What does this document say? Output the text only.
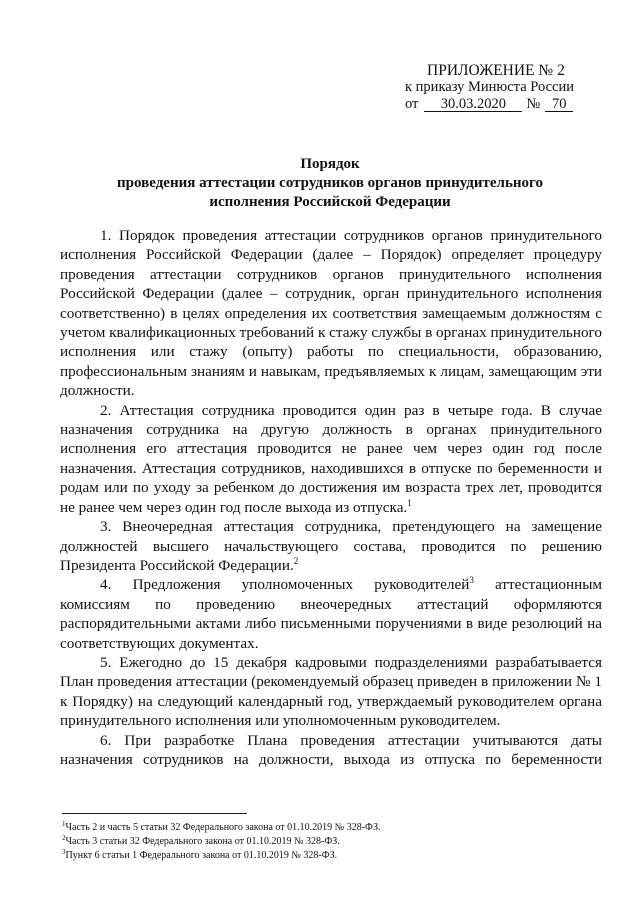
ПРИЛОЖЕНИЕ № 2
к приказу Минюста России
от	30.03.2020	№ 70
Порядок
проведения аттестации сотрудников органов принудительного
исполнения Российской Федерации

1. Порядок проведения аттестации сотрудников органов принудительного исполнения Российской Федерации (далее – Порядок) определяет процедуру проведения аттестации сотрудников органов принудительного исполнения Российской Федерации (далее – сотрудник, орган принудительного исполнения соответственно) в целях определения их соответствия замещаемым должностям с учетом квалификационных требований к стажу службы в органах принудительного исполнения или стажу (опыту) работы по специальности, образованию, профессиональным знаниям и навыкам, предъявляемых к лицам, замещающим эти должности.

2. Аттестация сотрудника проводится один раз в четыре года. В случае назначения сотрудника на другую должность в органах принудительного исполнения его аттестация проводится не ранее чем через один год после назначения. Аттестация сотрудников, находившихся в отпуске по беременности и родам или по уходу за ребенком до достижения им возраста трех лет, проводится не ранее чем через один год после выхода из отпуска.$^1$

3. Внеочередная аттестация сотрудника, претендующего на замещение должностей высшего начальствующего состава, проводится по решению Президента Российской Федерации.$^2$

4. Предложения уполномоченных руководителей$^3$ аттестационным комиссиям по проведению внеочередных аттестаций оформляются распорядительными актами либо письменными поручениями в виде резолюций на соответствующих документах.

5. Ежегодно до 15 декабря кадровыми подразделениями разрабатывается План проведения аттестации (рекомендуемый образец приведен в приложении № 1 к Порядку) на следующий календарный год, утверждаемый руководителем органа принудительного исполнения или уполномоченным руководителем.

6. При разработке Плана проведения аттестации учитываются даты назначения сотрудников на должности, выхода из отпуска по беременности

$^1$Часть 2 и часть 5 статьи 32 Федерального закона от 01.10.2019 № 328-ФЗ.
$^2$Часть 3 статьи 32 Федерального закона от 01.10.2019 № 328-ФЗ.
$^3$Пункт 6 статьи 1 Федерального закона от 01.10.2019 № 328-ФЗ.
